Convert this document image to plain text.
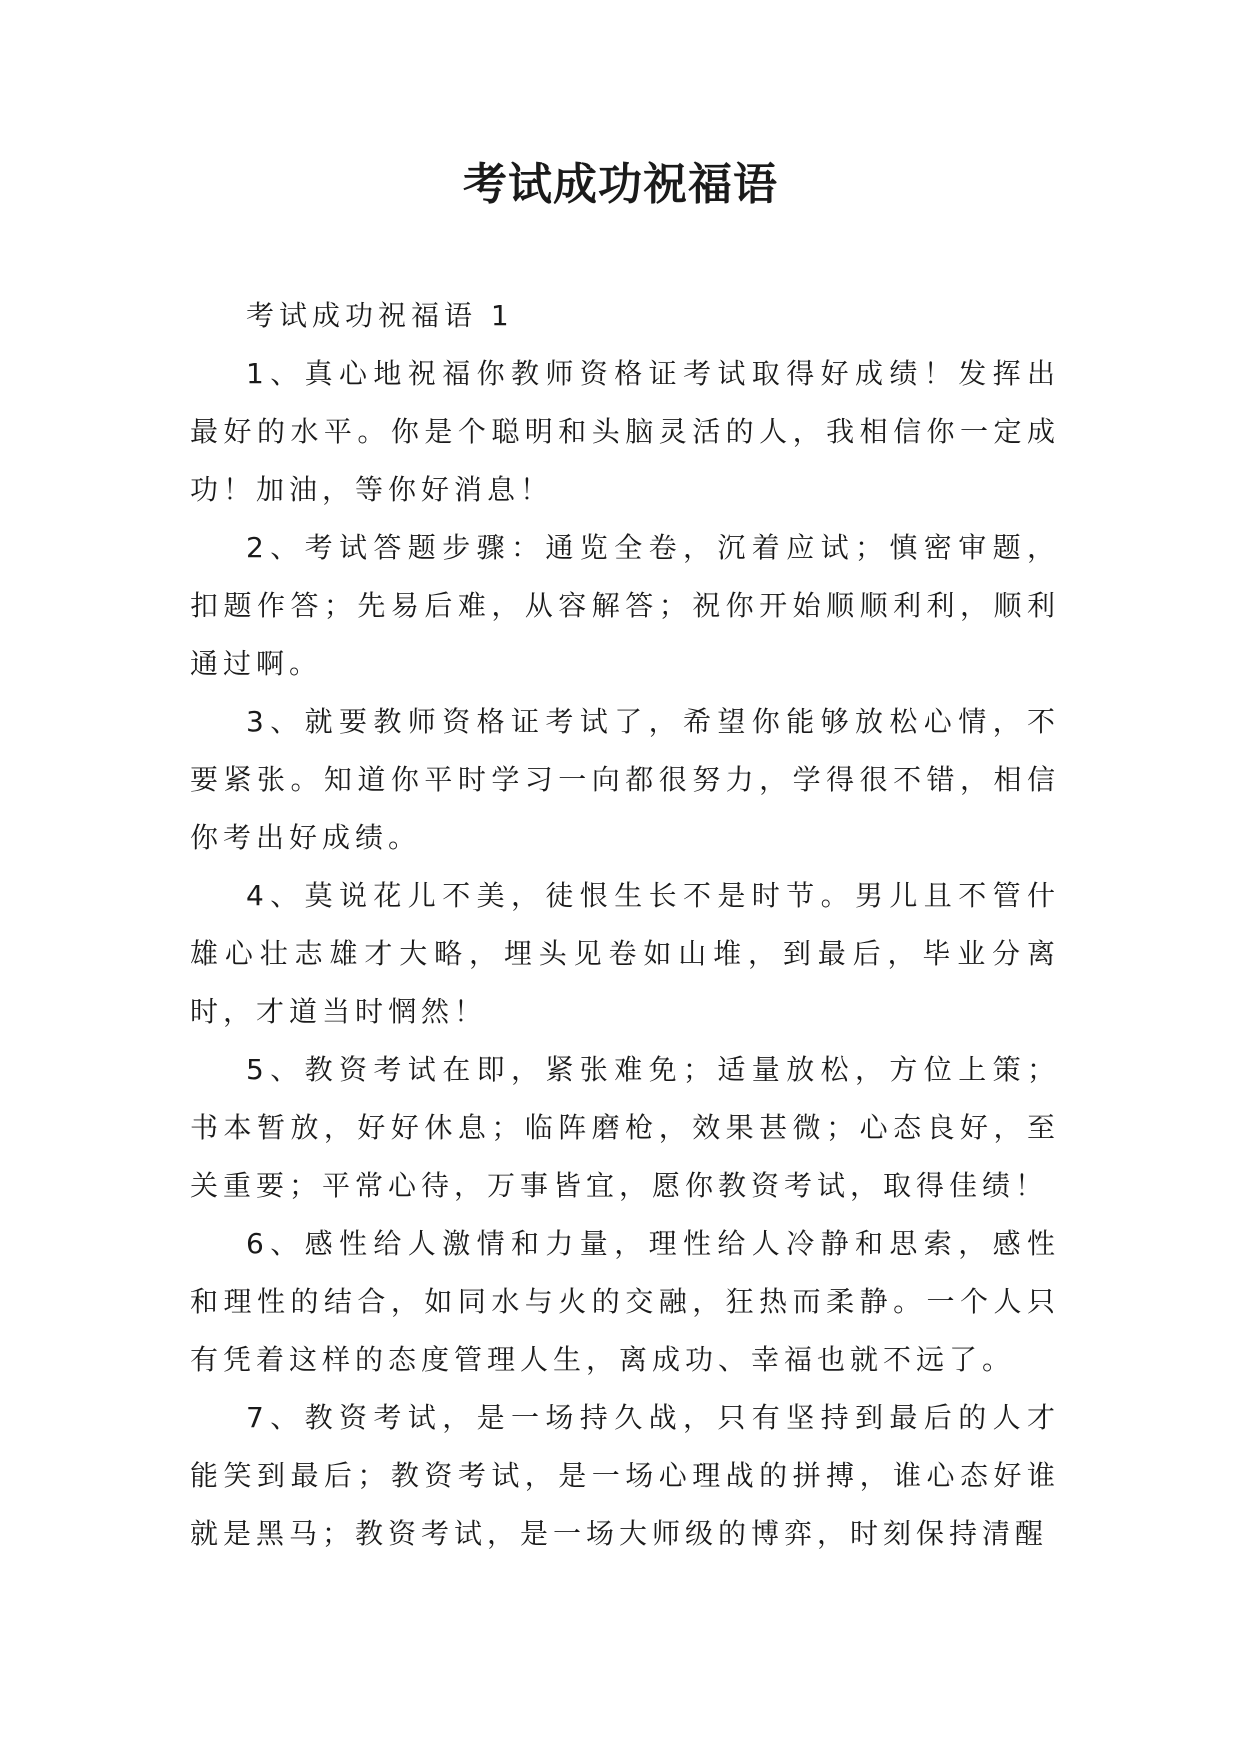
考试成功祝福语

考试成功祝福语 1

1、真心地祝福你教师资格证考试取得好成绩！发挥出最好的水平。你是个聪明和头脑灵活的人，我相信你一定成功！加油，等你好消息！

2、考试答题步骤：通览全卷，沉着应试；慎密审题，扣题作答；先易后难，从容解答；祝你开始顺顺利利，顺利通过啊。

3、就要教师资格证考试了，希望你能够放松心情，不要紧张。知道你平时学习一向都很努力，学得很不错，相信你考出好成绩。

4、莫说花儿不美，徒恨生长不是时节。男儿且不管什雄心壮志雄才大略，埋头见卷如山堆，到最后，毕业分离时，才道当时惘然！

5、教资考试在即，紧张难免；适量放松，方位上策；书本暂放，好好休息；临阵磨枪，效果甚微；心态良好，至关重要；平常心待，万事皆宜，愿你教资考试，取得佳绩！

6、感性给人激情和力量，理性给人冷静和思索，感性和理性的结合，如同水与火的交融，狂热而柔静。一个人只有凭着这样的态度管理人生，离成功、幸福也就不远了。

7、教资考试，是一场持久战，只有坚持到最后的人才能笑到最后；教资考试，是一场心理战的拼搏，谁心态好谁就是黑马；教资考试，是一场大师级的博弈，时刻保持清醒
